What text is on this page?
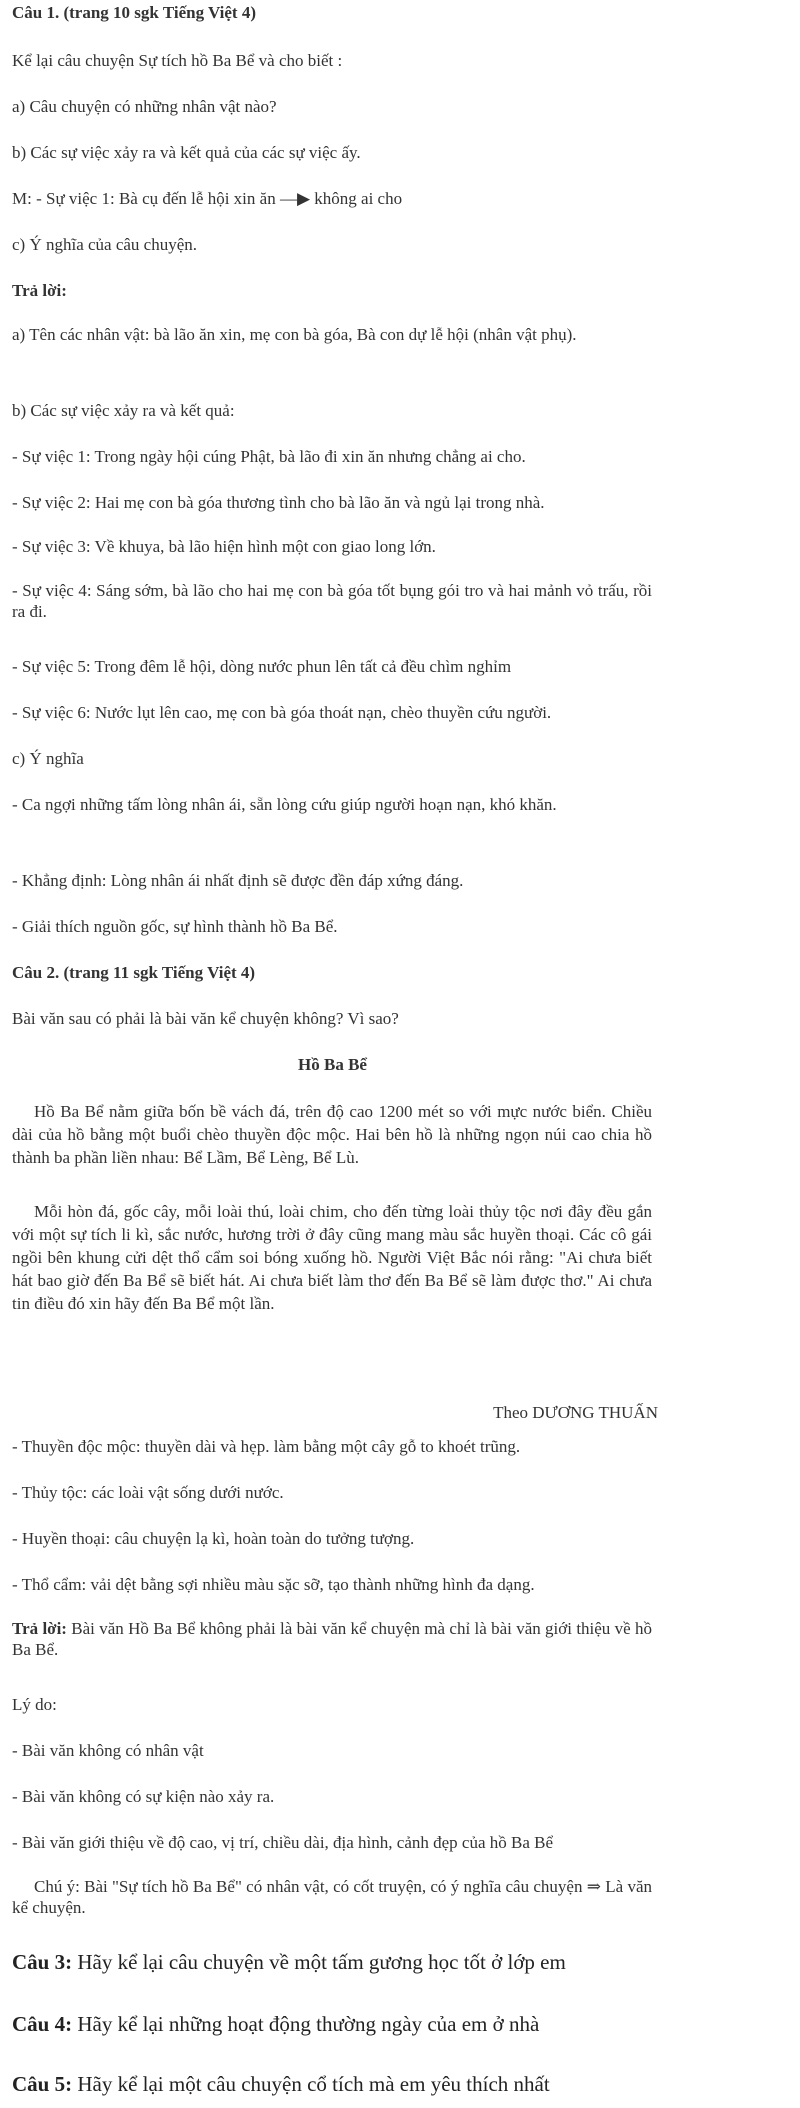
Câu 1. (trang 10 sgk Tiếng Việt 4)

Kể lại câu chuyện Sự tích hồ Ba Bể và cho biết :

a) Câu chuyện có những nhân vật nào?

b) Các sự việc xảy ra và kết quả của các sự việc ấy.

M: - Sự việc 1: Bà cụ đến lễ hội xin ăn —▶ không ai cho

c) Ý nghĩa của câu chuyện.

Trả lời:

a) Tên các nhân vật: bà lão ăn xin, mẹ con bà góa, Bà con dự lễ hội (nhân vật phụ).

b) Các sự việc xảy ra và kết quả:

- Sự việc 1: Trong ngày hội cúng Phật, bà lão đi xin ăn nhưng chẳng ai cho.

- Sự việc 2: Hai mẹ con bà góa thương tình cho bà lão ăn và ngủ lại trong nhà.

- Sự việc 3: Về khuya, bà lão hiện hình một con giao long lớn.

- Sự việc 4: Sáng sớm, bà lão cho hai mẹ con bà góa tốt bụng gói tro và hai mảnh vỏ trấu, rồi ra đi.

- Sự việc 5: Trong đêm lễ hội, dòng nước phun lên tất cả đều chìm nghỉm

- Sự việc 6: Nước lụt lên cao, mẹ con bà góa thoát nạn, chèo thuyền cứu người.

c) Ý nghĩa

- Ca ngợi những tấm lòng nhân ái, sẵn lòng cứu giúp người hoạn nạn, khó khăn.

- Khẳng định: Lòng nhân ái nhất định sẽ được đền đáp xứng đáng.

- Giải thích nguồn gốc, sự hình thành hồ Ba Bể.

Câu 2. (trang 11 sgk Tiếng Việt 4)

Bài văn sau có phải là bài văn kể chuyện không? Vì sao?

Hồ Ba Bể

Hồ Ba Bể nằm giữa bốn bề vách đá, trên độ cao 1200 mét so với mực nước biển. Chiều dài của hồ bằng một buổi chèo thuyền độc mộc. Hai bên hồ là những ngọn núi cao chia hồ thành ba phần liền nhau: Bể Lầm, Bể Lèng, Bể Lù.

Mỗi hòn đá, gốc cây, mỗi loài thú, loài chim, cho đến từng loài thủy tộc nơi đây đều gắn với một sự tích li kì, sắc nước, hương trời ở đây cũng mang màu sắc huyền thoại. Các cô gái ngồi bên khung cửi dệt thổ cẩm soi bóng xuống hồ. Người Việt Bắc nói rằng: "Ai chưa biết hát bao giờ đến Ba Bể sẽ biết hát. Ai chưa biết làm thơ đến Ba Bể sẽ làm được thơ." Ai chưa tin điều đó xin hãy đến Ba Bể một lần.

Theo DƯƠNG THUẤN

- Thuyền độc mộc: thuyền dài và hẹp. làm bằng một cây gỗ to khoét trũng.

- Thủy tộc: các loài vật sống dưới nước.

- Huyền thoại: câu chuyện lạ kì, hoàn toàn do tưởng tượng.

- Thổ cẩm: vải dệt bằng sợi nhiều màu sặc sỡ, tạo thành những hình đa dạng.

Trả lời: Bài văn Hồ Ba Bể không phải là bài văn kể chuyện mà chỉ là bài văn giới thiệu về hồ Ba Bể.

Lý do:

- Bài văn không có nhân vật

- Bài văn không có sự kiện nào xảy ra.

- Bài văn giới thiệu về độ cao, vị trí, chiều dài, địa hình, cảnh đẹp của hồ Ba Bể

Chú ý: Bài "Sự tích hồ Ba Bể" có nhân vật, có cốt truyện, có ý nghĩa câu chuyện ⇒ Là văn kể chuyện.

Câu 3: Hãy kể lại câu chuyện về một tấm gương học tốt ở lớp em

Câu 4: Hãy kể lại những hoạt động thường ngày của em ở nhà

Câu 5: Hãy kể lại một câu chuyện cổ tích mà em yêu thích nhất
